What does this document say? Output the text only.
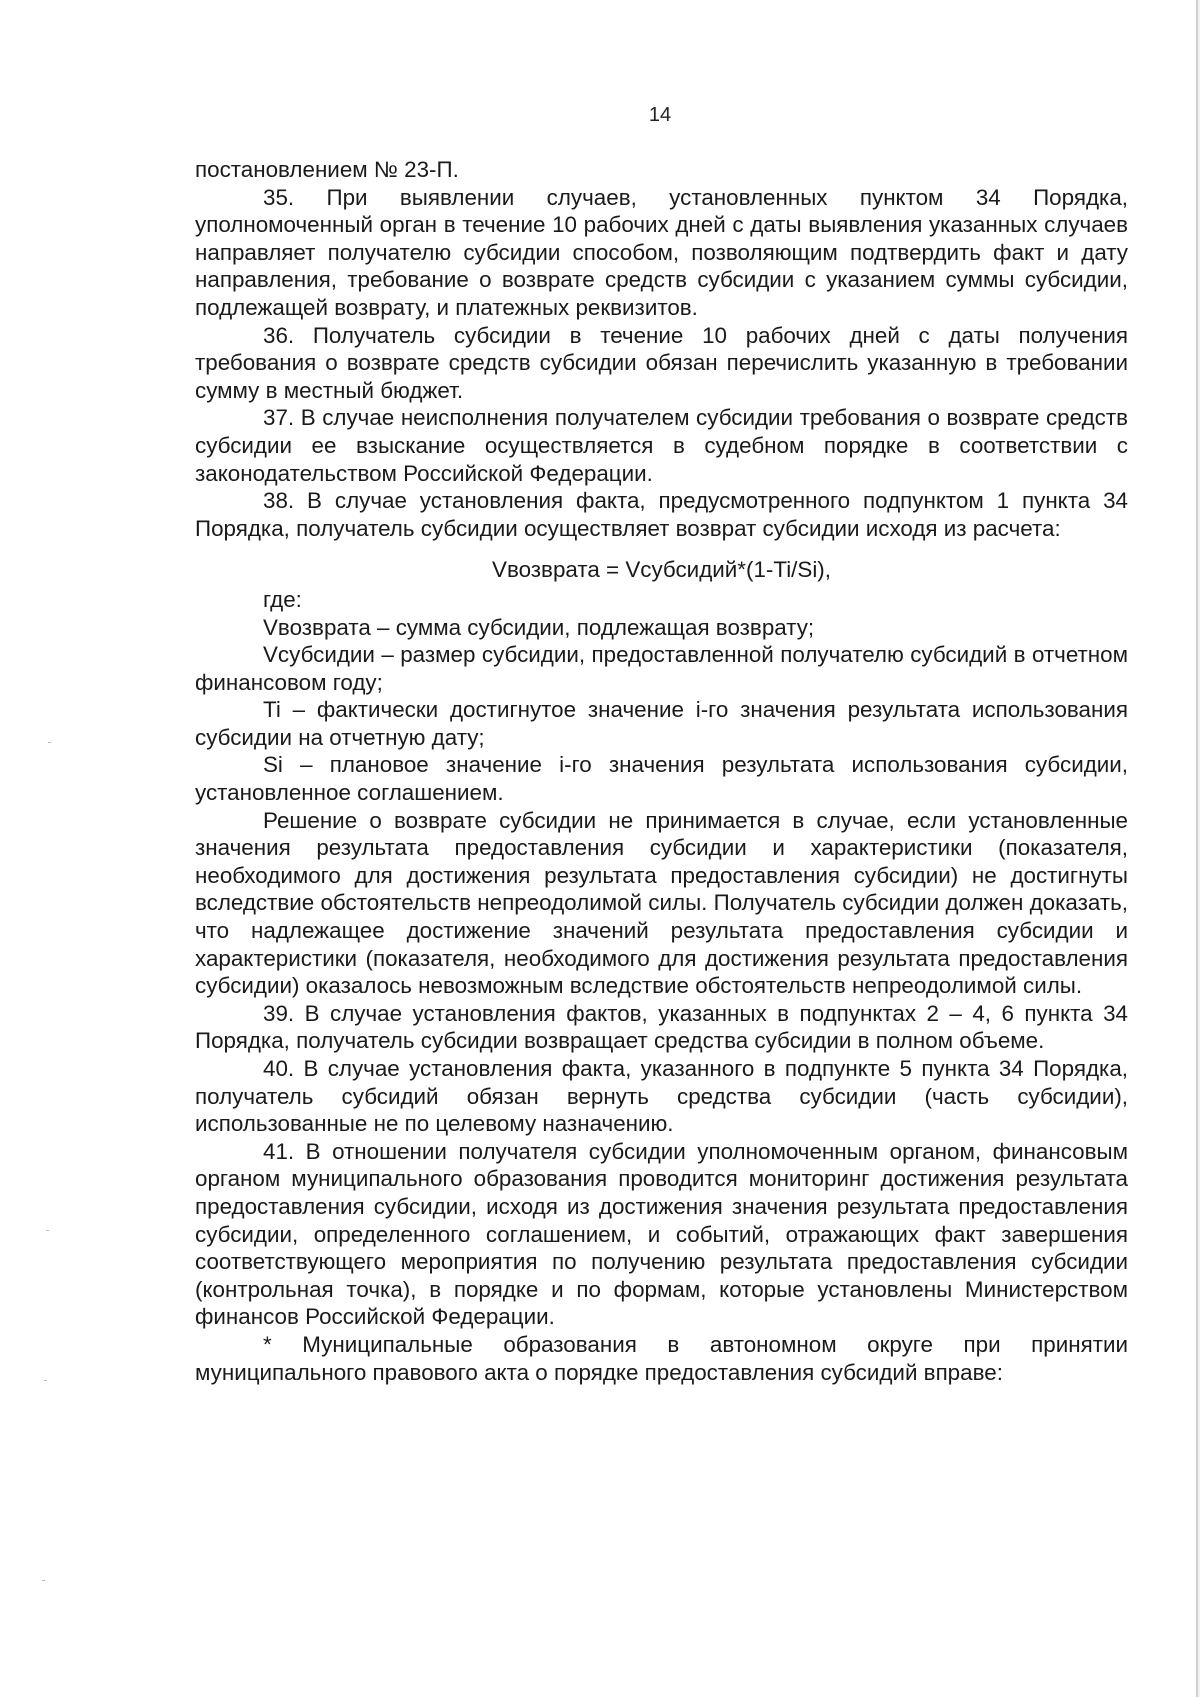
14

постановлением № 23-П.

35. При выявлении случаев, установленных пунктом 34 Порядка, уполномоченный орган в течение 10 рабочих дней с даты выявления указанных случаев направляет получателю субсидии способом, позволяющим подтвердить факт и дату направления, требование о возврате средств субсидии с указанием суммы субсидии, подлежащей возврату, и платежных реквизитов.

36. Получатель субсидии в течение 10 рабочих дней с даты получения требования о возврате средств субсидии обязан перечислить указанную в требовании сумму в местный бюджет.

37. В случае неисполнения получателем субсидии требования о возврате средств субсидии ее взыскание осуществляется в судебном порядке в соответствии с законодательством Российской Федерации.

38. В случае установления факта, предусмотренного подпунктом 1 пункта 34 Порядка, получатель субсидии осуществляет возврат субсидии исходя из расчета:

Vвозврата = Vсубсидий*(1-Ti/Si),

где:

Vвозврата – сумма субсидии, подлежащая возврату;

Vсубсидии – размер субсидии, предоставленной получателю субсидий в отчетном финансовом году;

Ti – фактически достигнутое значение i-го значения результата использования субсидии на отчетную дату;

Si – плановое значение i-го значения результата использования субсидии, установленное соглашением.

Решение о возврате субсидии не принимается в случае, если установленные значения результата предоставления субсидии и характеристики (показателя, необходимого для достижения результата предоставления субсидии) не достигнуты вследствие обстоятельств непреодолимой силы. Получатель субсидии должен доказать, что надлежащее достижение значений результата предоставления субсидии и характеристики (показателя, необходимого для достижения результата предоставления субсидии) оказалось невозможным вследствие обстоятельств непреодолимой силы.

39. В случае установления фактов, указанных в подпунктах 2 – 4, 6 пункта 34 Порядка, получатель субсидии возвращает средства субсидии в полном объеме.

40. В случае установления факта, указанного в подпункте 5 пункта 34 Порядка, получатель субсидий обязан вернуть средства субсидии (часть субсидии), использованные не по целевому назначению.

41. В отношении получателя субсидии уполномоченным органом, финансовым органом муниципального образования проводится мониторинг достижения результата предоставления субсидии, исходя из достижения значения результата предоставления субсидии, определенного соглашением, и событий, отражающих факт завершения соответствующего мероприятия по получению результата предоставления субсидии (контрольная точка), в порядке и по формам, которые установлены Министерством финансов Российской Федерации.

* Муниципальные образования в автономном округе при принятии муниципального правового акта о порядке предоставления субсидий вправе:
